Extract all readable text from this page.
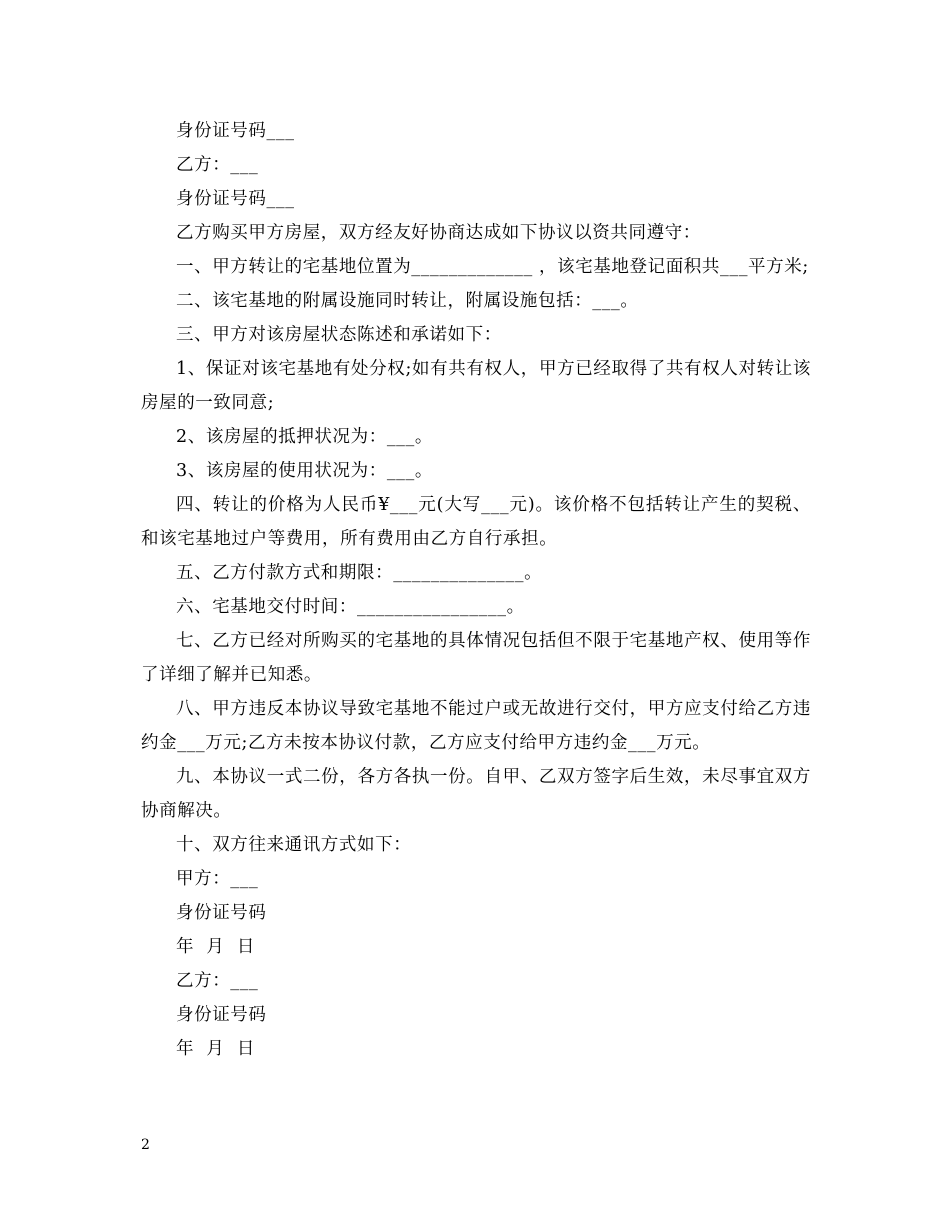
身份证号码___

乙方：___

身份证号码___

乙方购买甲方房屋，双方经友好协商达成如下协议以资共同遵守：

一、甲方转让的宅基地位置为_____________ ，该宅基地登记面积共___平方米;

二、该宅基地的附属设施同时转让，附属设施包括：___。

三、甲方对该房屋状态陈述和承诺如下：

1、保证对该宅基地有处分权;如有共有权人，甲方已经取得了共有权人对转让该房屋的一致同意;

2、该房屋的抵押状况为：___。

3、该房屋的使用状况为：___。

四、转让的价格为人民币¥___元(大写___元)。该价格不包括转让产生的契税、和该宅基地过户等费用，所有费用由乙方自行承担。

五、乙方付款方式和期限：______________。

六、宅基地交付时间：________________。

七、乙方已经对所购买的宅基地的具体情况包括但不限于宅基地产权、使用等作了详细了解并已知悉。

八、甲方违反本协议导致宅基地不能过户或无故进行交付，甲方应支付给乙方违约金___万元;乙方未按本协议付款，乙方应支付给甲方违约金___万元。

九、本协议一式二份，各方各执一份。自甲、乙双方签字后生效，未尽事宜双方协商解决。

十、双方往来通讯方式如下：

甲方：___

身份证号码

年  月  日

乙方：___

身份证号码

年  月  日

2
